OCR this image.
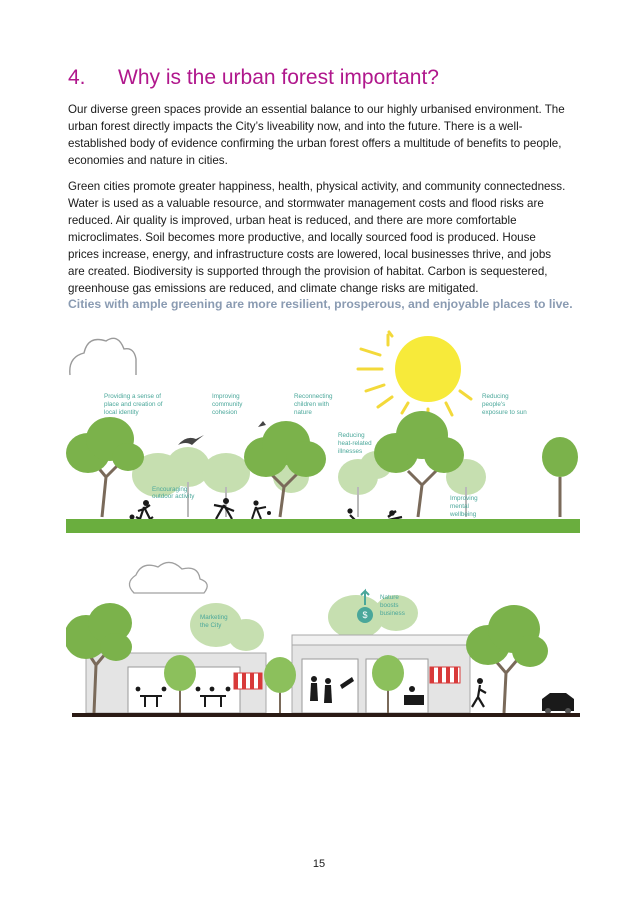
4. Why is the urban forest important?

Our diverse green spaces provide an essential balance to our highly urbanised environment. The urban forest directly impacts the City’s liveability now, and into the future. There is a well-established body of evidence confirming the urban forest offers a multitude of benefits to people, economies and nature in cities.

Green cities promote greater happiness, health, physical activity, and community connectedness. Water is used as a valuable resource, and stormwater management costs and flood risks are reduced. Air quality is improved, urban heat is reduced, and there are more comfortable microclimates. Soil becomes more productive, and locally sourced food is produced. House prices increase, energy, and infrastructure costs are lowered, local businesses thrive, and jobs are created. Biodiversity is supported through the provision of habitat. Carbon is sequestered, greenhouse gas emissions are reduced, and climate change risks are mitigated.

Cities with ample greening are more resilient, prosperous, and enjoyable places to live.
Providing a sense of
place and creation of
local identity
Improving
community
cohesion
Reconnecting
children with
nature
Reducing
heat-related
illnesses
Reducing
people's
exposure to sun
Encouraging
outdoor activity	Improving
mental
wellbeing
$
Marketing
the City
Nature
boosts
business
15
